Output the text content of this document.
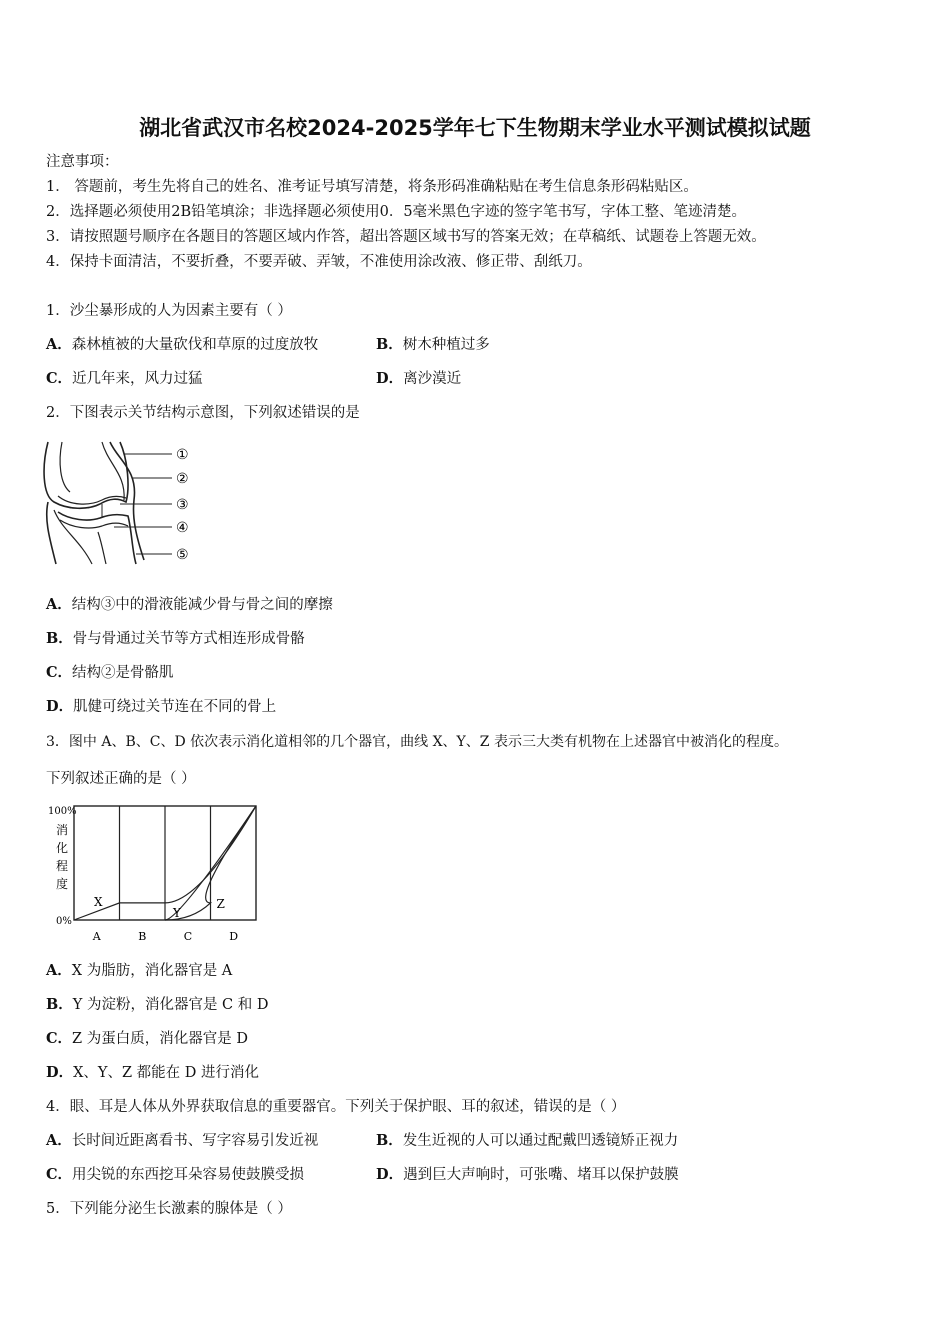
湖北省武汉市名校2024-2025学年七下生物期末学业水平测试模拟试题
注意事项：
1． 答题前，考生先将自己的姓名、准考证号填写清楚，将条形码准确粘贴在考生信息条形码粘贴区。
2．选择题必须使用2B铅笔填涂；非选择题必须使用0．5毫米黑色字迹的签字笔书写，字体工整、笔迹清楚。
3．请按照题号顺序在各题目的答题区域内作答，超出答题区域书写的答案无效；在草稿纸、试题卷上答题无效。
4．保持卡面清洁，不要折叠，不要弄破、弄皱，不准使用涂改液、修正带、刮纸刀。
1．沙尘暴形成的人为因素主要有（ ）
A．森林植被的大量砍伐和草原的过度放牧	B．树木种植过多
C．近几年来，风力过猛	D．离沙漠近
2．下图表示关节结构示意图，下列叙述错误的是
①
②
③
④
⑤
A．结构③中的滑液能减少骨与骨之间的摩擦
B．骨与骨通过关节等方式相连形成骨骼
C．结构②是骨骼肌
D．肌健可绕过关节连在不同的骨上
3．图中 A、B、C、D 依次表示消化道相邻的几个器官，曲线 X、Y、Z 表示三大类有机物在上述器官中被消化的程度。
下列叙述正确的是（ ）
100%
0%
消
化
程
度
A	B	C	D
X
Y
Z
A．X 为脂肪，消化器官是 A
B．Y 为淀粉，消化器官是 C 和 D
C．Z 为蛋白质，消化器官是 D
D．X、Y、Z 都能在 D 进行消化
4．眼、耳是人体从外界获取信息的重要器官。下列关于保护眼、耳的叙述，错误的是（ ）
A．长时间近距离看书、写字容易引发近视	B．发生近视的人可以通过配戴凹透镜矫正视力
C．用尖锐的东西挖耳朵容易使鼓膜受损	D．遇到巨大声响时，可张嘴、堵耳以保护鼓膜
5．下列能分泌生长激素的腺体是（ ）
